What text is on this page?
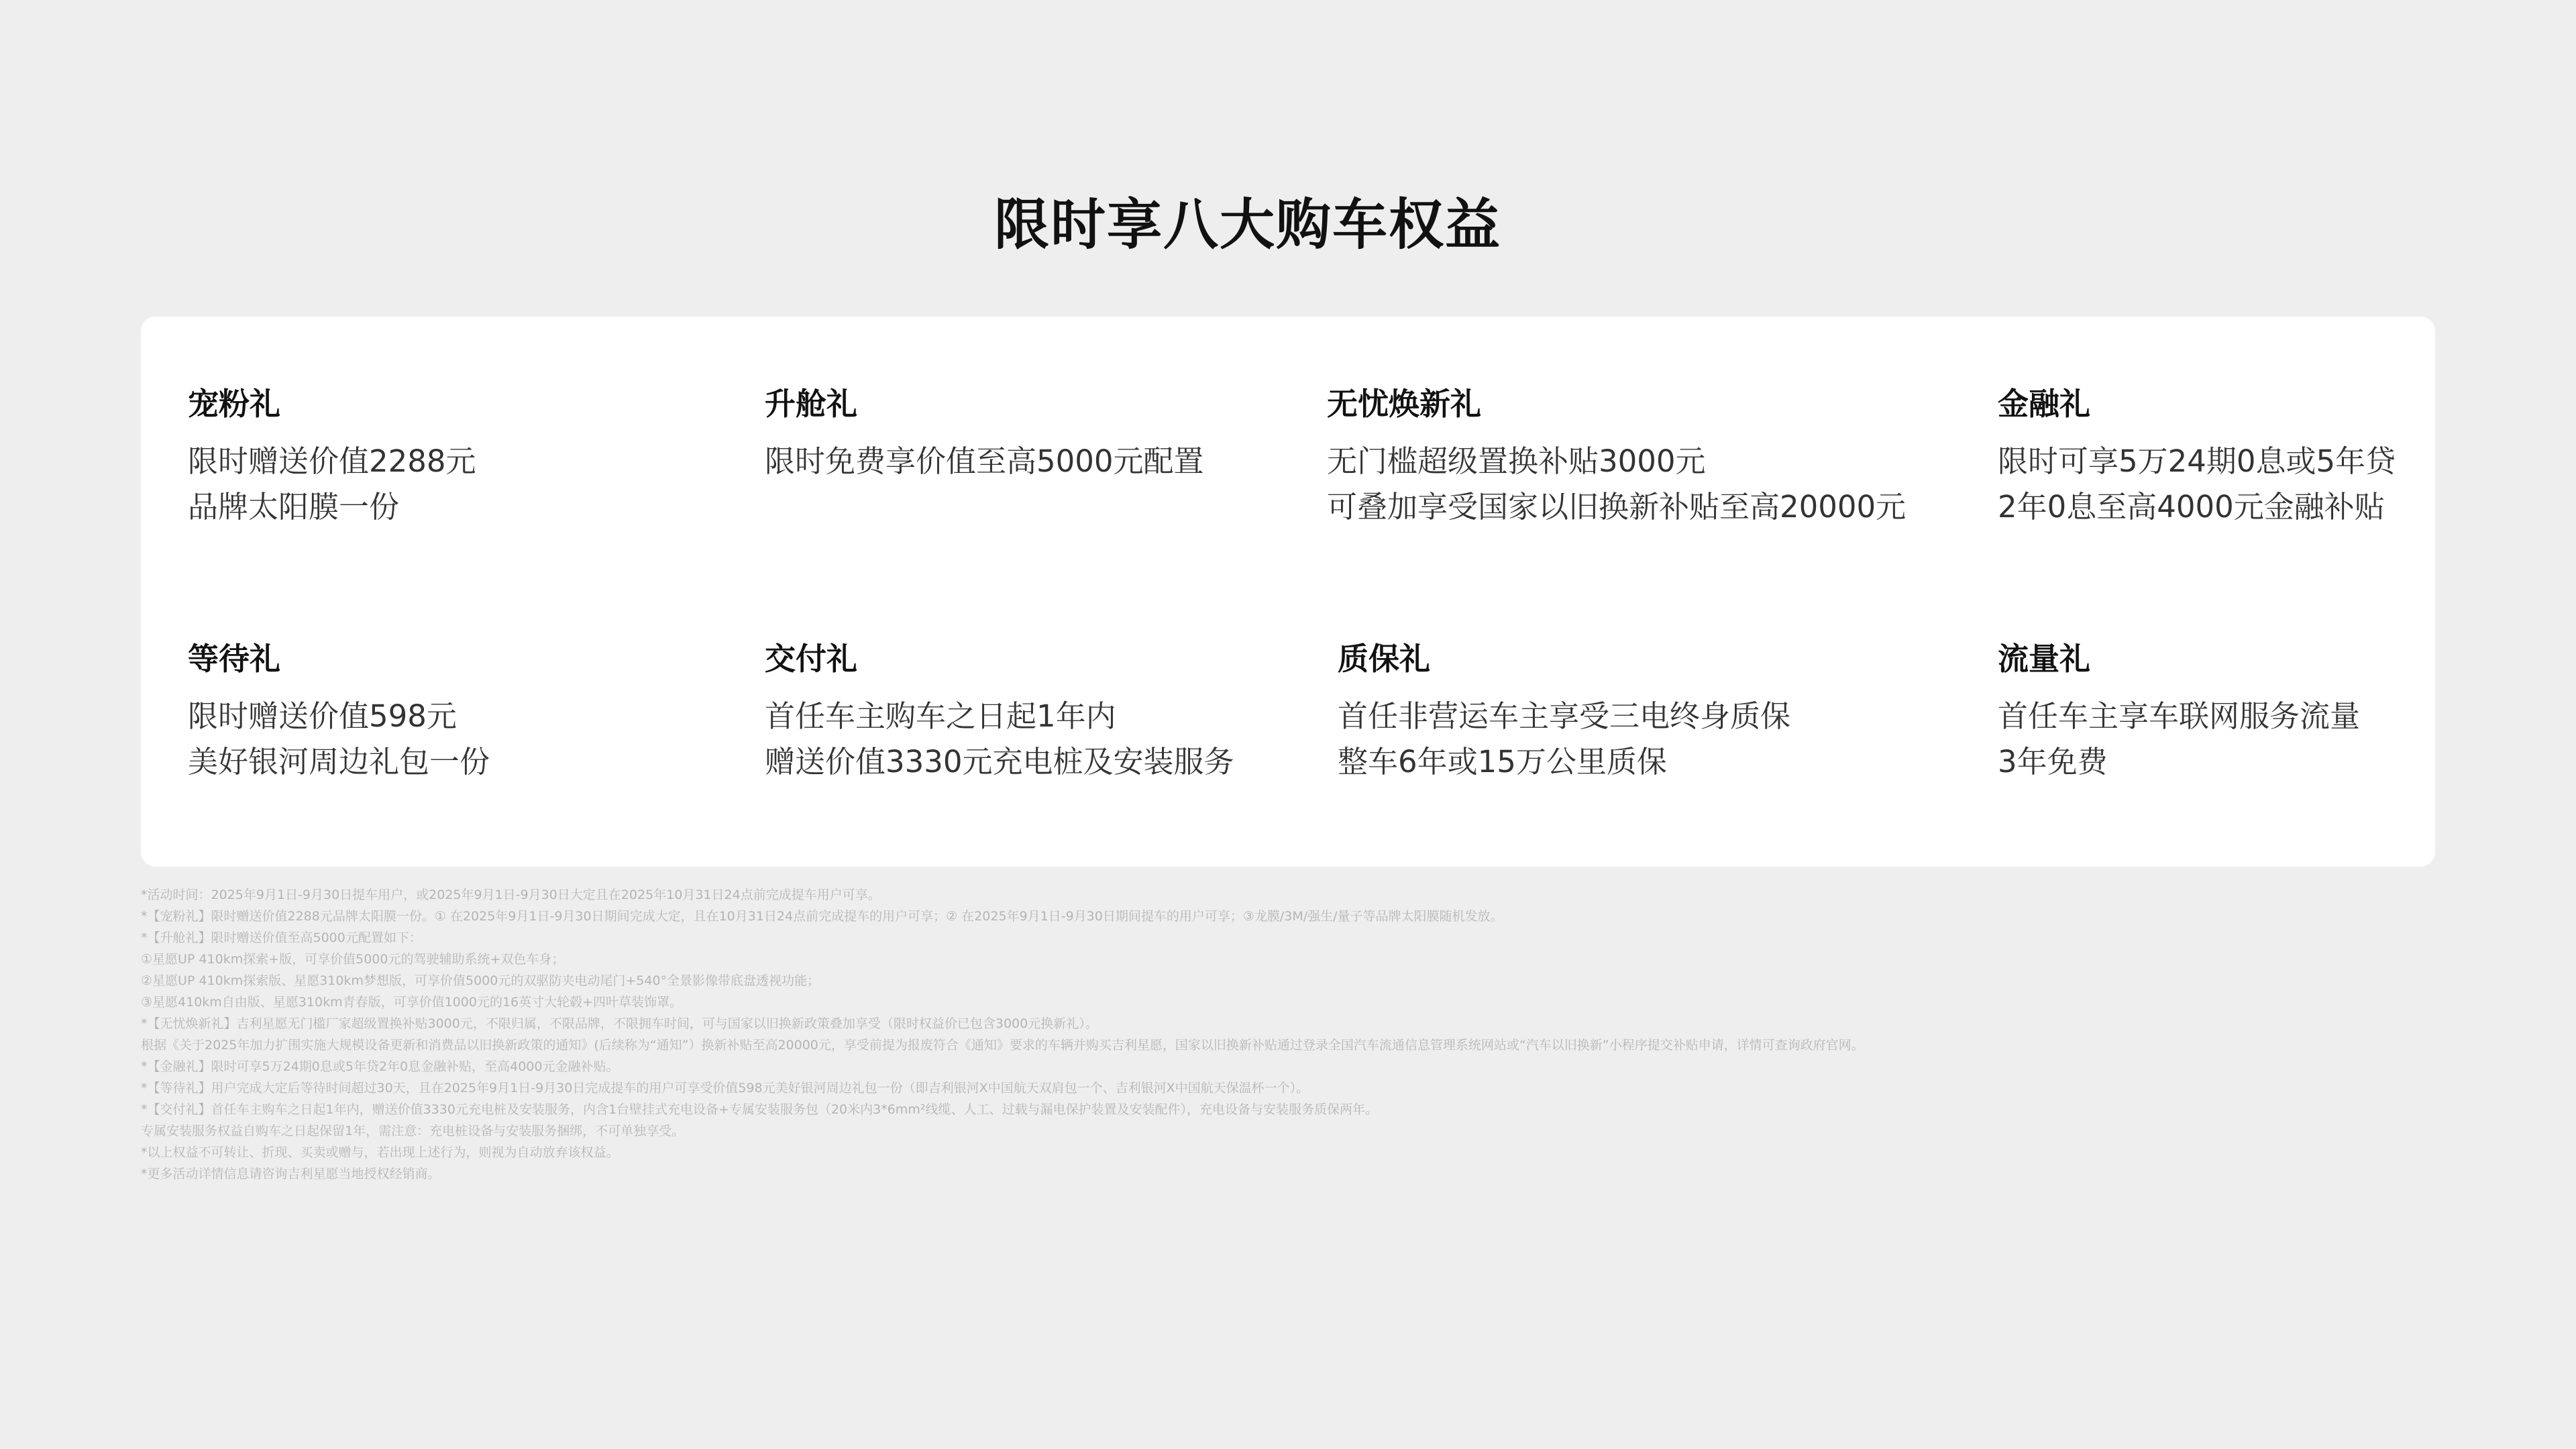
限时享八大购车权益
宠粉礼
限时赠送价值2288元
品牌太阳膜一份
升舱礼
限时免费享价值至高5000元配置
无忧焕新礼
无门槛超级置换补贴3000元
可叠加享受国家以旧换新补贴至高20000元
金融礼
限时可享5万24期0息或5年贷
2年0息至高4000元金融补贴
等待礼
限时赠送价值598元
美好银河周边礼包一份
交付礼
首任车主购车之日起1年内
赠送价值3330元充电桩及安装服务
质保礼
首任非营运车主享受三电终身质保
整车6年或15万公里质保
流量礼
首任车主享车联网服务流量
3年免费
*活动时间：2025年9月1日-9月30日提车用户，或2025年9月1日-9月30日大定且在2025年10月31日24点前完成提车用户可享。
*【宠粉礼】限时赠送价值2288元品牌太阳膜一份。① 在2025年9月1日-9月30日期间完成大定，且在10月31日24点前完成提车的用户可享；② 在2025年9月1日-9月30日期间提车的用户可享；③龙膜/3M/强生/量子等品牌太阳膜随机发放。
*【升舱礼】限时赠送价值至高5000元配置如下：
①星愿UP 410km探索+版，可享价值5000元的驾驶辅助系统+双色车身；
②星愿UP 410km探索版、星愿310km梦想版，可享价值5000元的双驱防夹电动尾门+540°全景影像带底盘透视功能；
③星愿410km自由版、星愿310km青春版，可享价值1000元的16英寸大轮毂+四叶草装饰罩。
*【无忧焕新礼】吉利星愿无门槛厂家超级置换补贴3000元，不限归属，不限品牌，不限拥车时间，可与国家以旧换新政策叠加享受（限时权益价已包含3000元换新礼）。
根据《关于2025年加力扩围实施大规模设备更新和消费品以旧换新政策的通知》(后续称为“通知”）换新补贴至高20000元，享受前提为报废符合《通知》要求的车辆并购买吉利星愿，国家以旧换新补贴通过登录全国汽车流通信息管理系统网站或“汽车以旧换新”小程序提交补贴申请，详情可查询政府官网。
*【金融礼】限时可享5万24期0息或5年贷2年0息金融补贴，至高4000元金融补贴。
*【等待礼】用户完成大定后等待时间超过30天，且在2025年9月1日-9月30日完成提车的用户可享受价值598元美好银河周边礼包一份（即吉利银河X中国航天双肩包一个、吉利银河X中国航天保温杯一个）。
*【交付礼】首任车主购车之日起1年内，赠送价值3330元充电桩及安装服务，内含1台壁挂式充电设备+专属安装服务包（20米内3*6mm²线缆、人工、过载与漏电保护装置及安装配件），充电设备与安装服务质保两年。
专属安装服务权益自购车之日起保留1年，需注意：充电桩设备与安装服务捆绑，不可单独享受。
*以上权益不可转让、折现、买卖或赠与，若出现上述行为，则视为自动放弃该权益。
*更多活动详情信息请咨询吉利星愿当地授权经销商。
